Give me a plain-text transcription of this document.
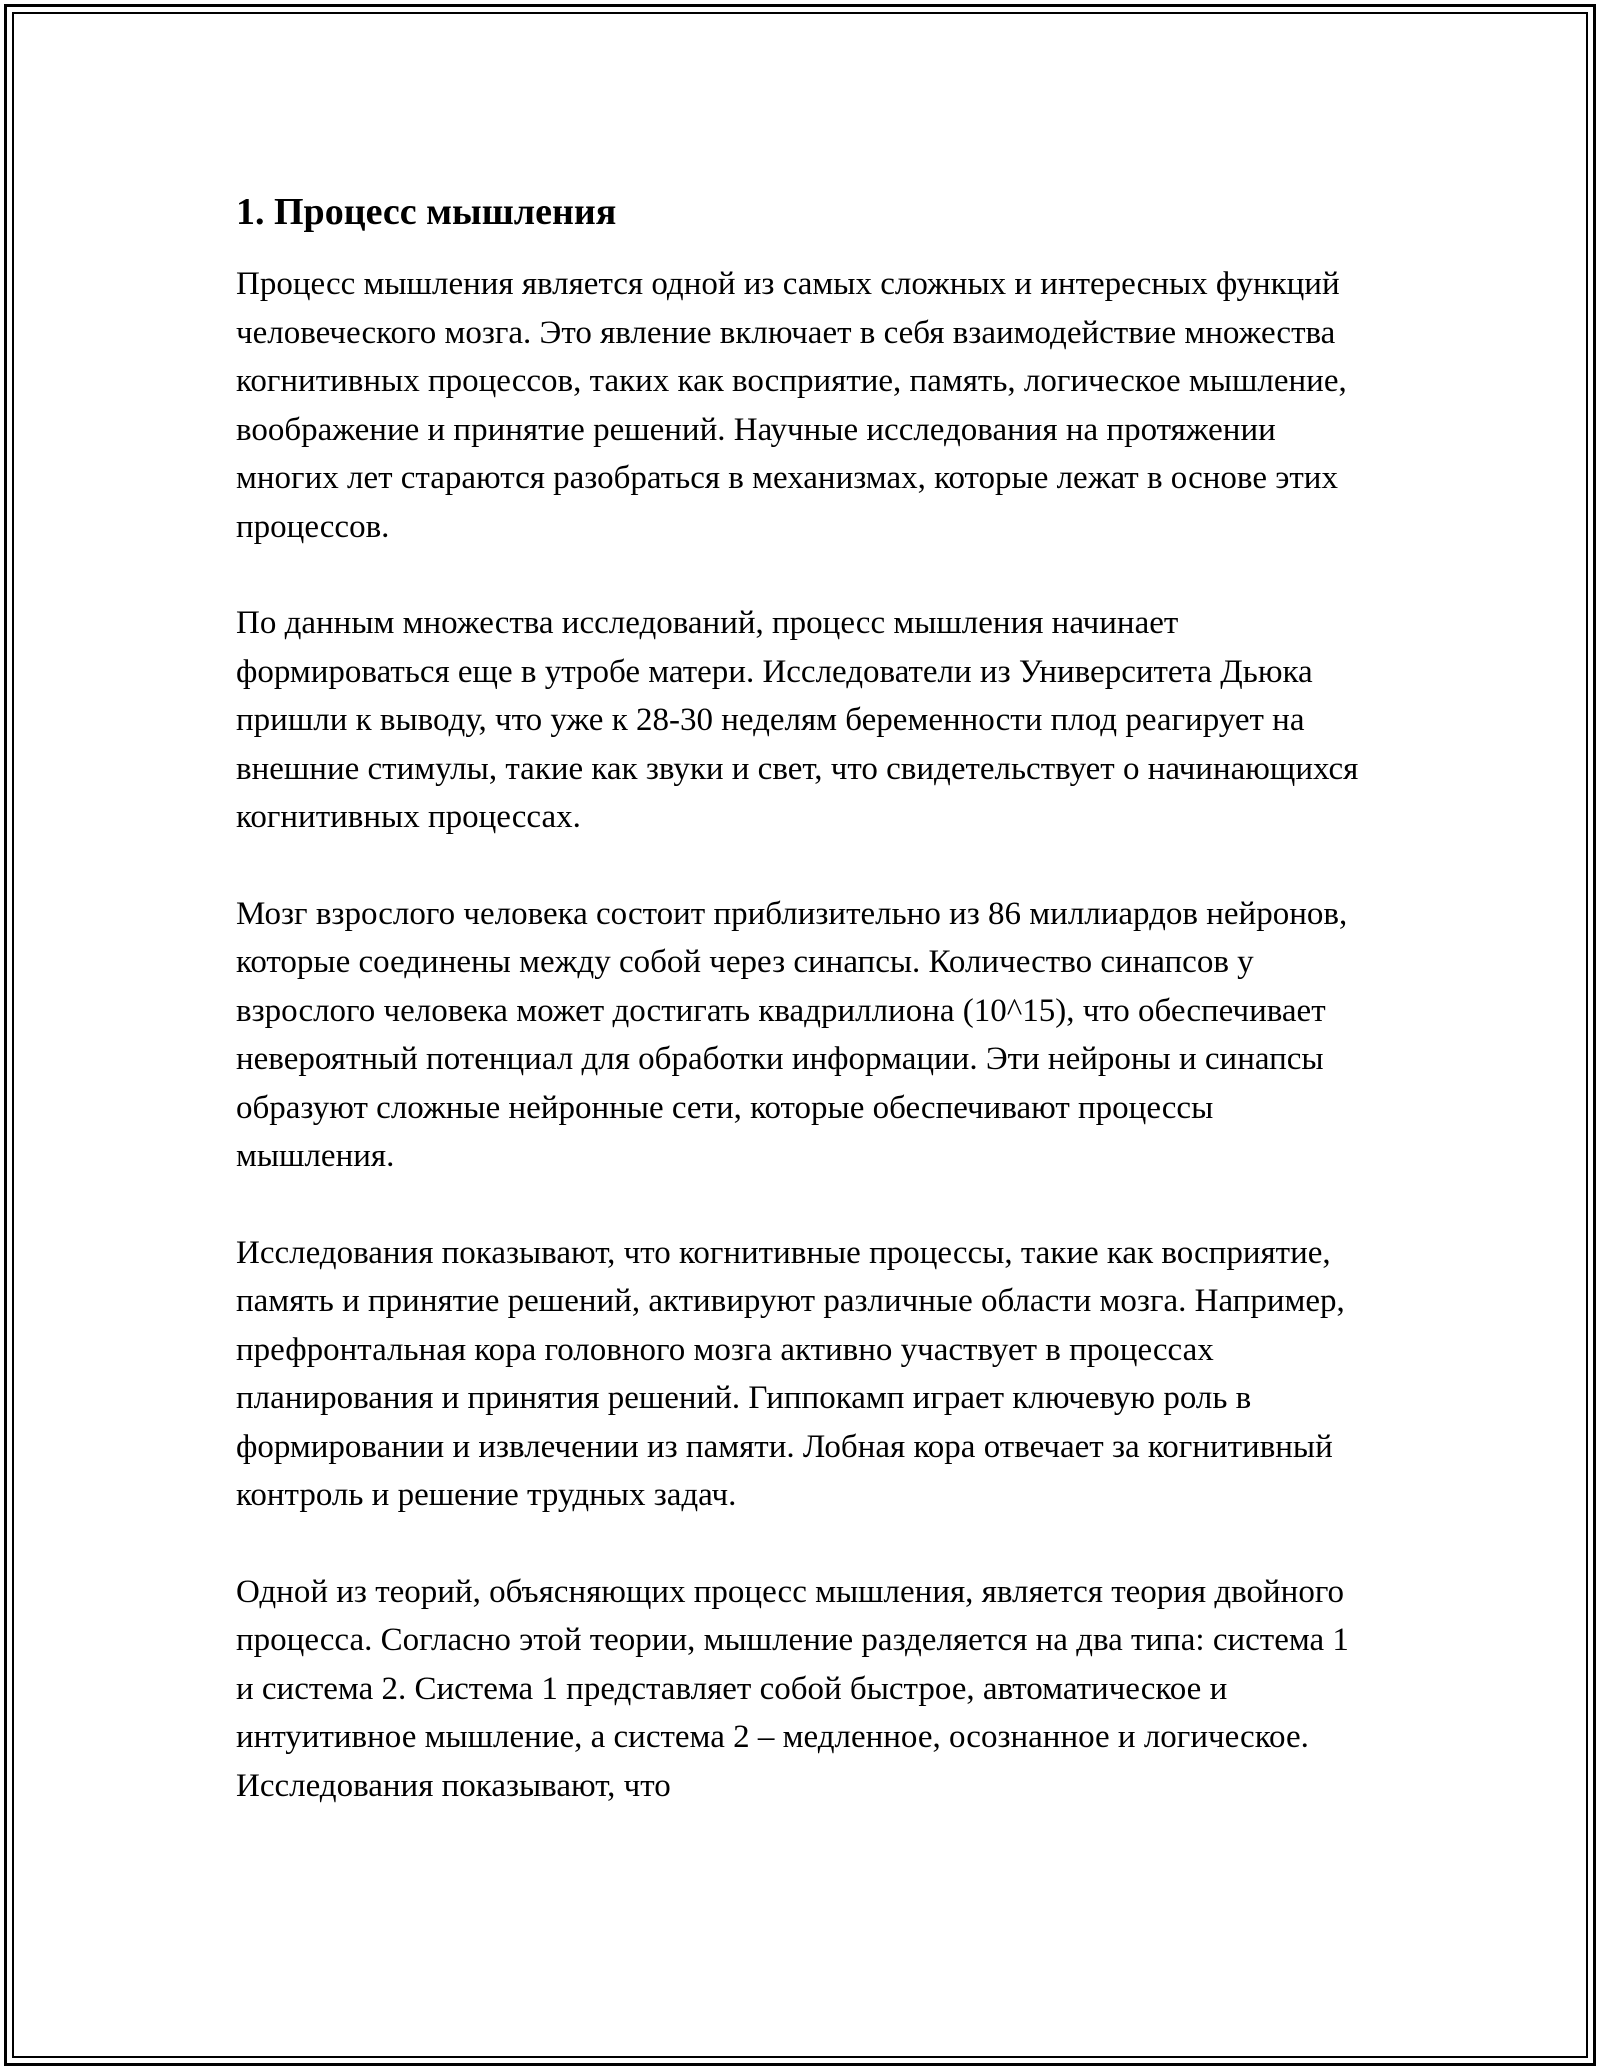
1. Процесс мышления

Процесс мышления является одной из самых сложных и интересных функций человеческого мозга. Это явление включает в себя взаимодействие множества когнитивных процессов, таких как восприятие, память, логическое мышление, воображение и принятие решений. Научные исследования на протяжении многих лет стараются разобраться в механизмах, которые лежат в основе этих процессов.

По данным множества исследований, процесс мышления начинает формироваться еще в утробе матери. Исследователи из Университета Дьюка пришли к выводу, что уже к 28-30 неделям беременности плод реагирует на внешние стимулы, такие как звуки и свет, что свидетельствует о начинающихся когнитивных процессах.

Мозг взрослого человека состоит приблизительно из 86 миллиардов нейронов, которые соединены между собой через синапсы. Количество синапсов у взрослого человека может достигать квадриллиона (10^15), что обеспечивает невероятный потенциал для обработки информации. Эти нейроны и синапсы образуют сложные нейронные сети, которые обеспечивают процессы мышления.

Исследования показывают, что когнитивные процессы, такие как восприятие, память и принятие решений, активируют различные области мозга. Например, префронтальная кора головного мозга активно участвует в процессах планирования и принятия решений. Гиппокамп играет ключевую роль в формировании и извлечении из памяти. Лобная кора отвечает за когнитивный контроль и решение трудных задач.

Одной из теорий, объясняющих процесс мышления, является теория двойного процесса. Согласно этой теории, мышление разделяется на два типа: система 1 и система 2. Система 1 представляет собой быстрое, автоматическое и интуитивное мышление, а система 2 – медленное, осознанное и логическое. Исследования показывают, что
